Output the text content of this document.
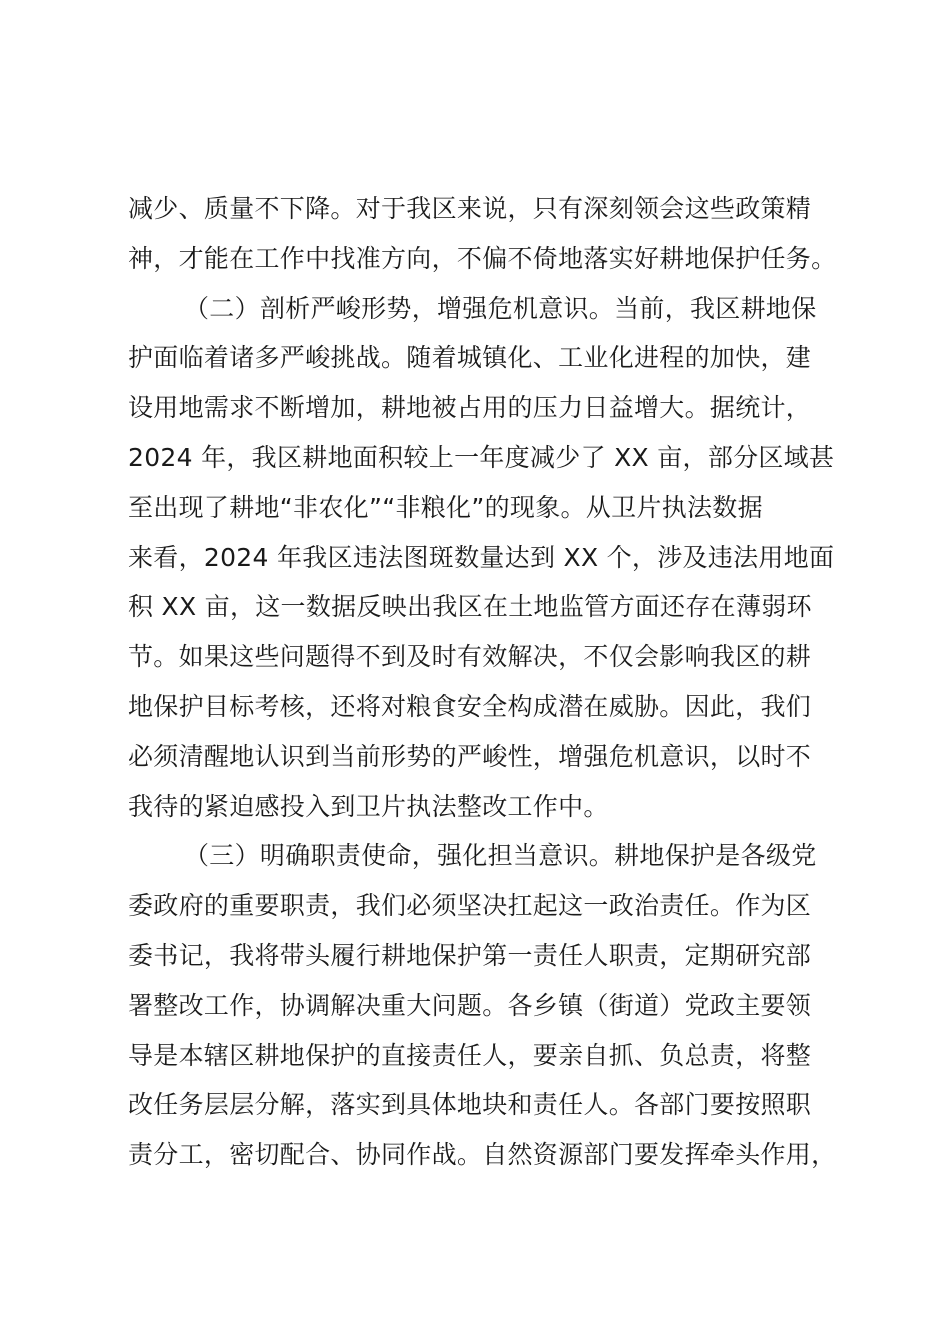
减少、质量不下降。对于我区来说，只有深刻领会这些政策精
神，才能在工作中找准方向，不偏不倚地落实好耕地保护任务。
（二）剖析严峻形势，增强危机意识。当前，我区耕地保
护面临着诸多严峻挑战。随着城镇化、工业化进程的加快，建
设用地需求不断增加，耕地被占用的压力日益增大。据统计，
2024 年，我区耕地面积较上一年度减少了 XX 亩，部分区域甚
至出现了耕地“非农化”“非粮化”的现象。从卫片执法数据
来看，2024 年我区违法图斑数量达到 XX 个，涉及违法用地面
积 XX 亩，这一数据反映出我区在土地监管方面还存在薄弱环
节。如果这些问题得不到及时有效解决，不仅会影响我区的耕
地保护目标考核，还将对粮食安全构成潜在威胁。因此，我们
必须清醒地认识到当前形势的严峻性，增强危机意识，以时不
我待的紧迫感投入到卫片执法整改工作中。
（三）明确职责使命，强化担当意识。耕地保护是各级党
委政府的重要职责，我们必须坚决扛起这一政治责任。作为区
委书记，我将带头履行耕地保护第一责任人职责，定期研究部
署整改工作，协调解决重大问题。各乡镇（街道）党政主要领
导是本辖区耕地保护的直接责任人，要亲自抓、负总责，将整
改任务层层分解，落实到具体地块和责任人。各部门要按照职
责分工，密切配合、协同作战。自然资源部门要发挥牵头作用，
